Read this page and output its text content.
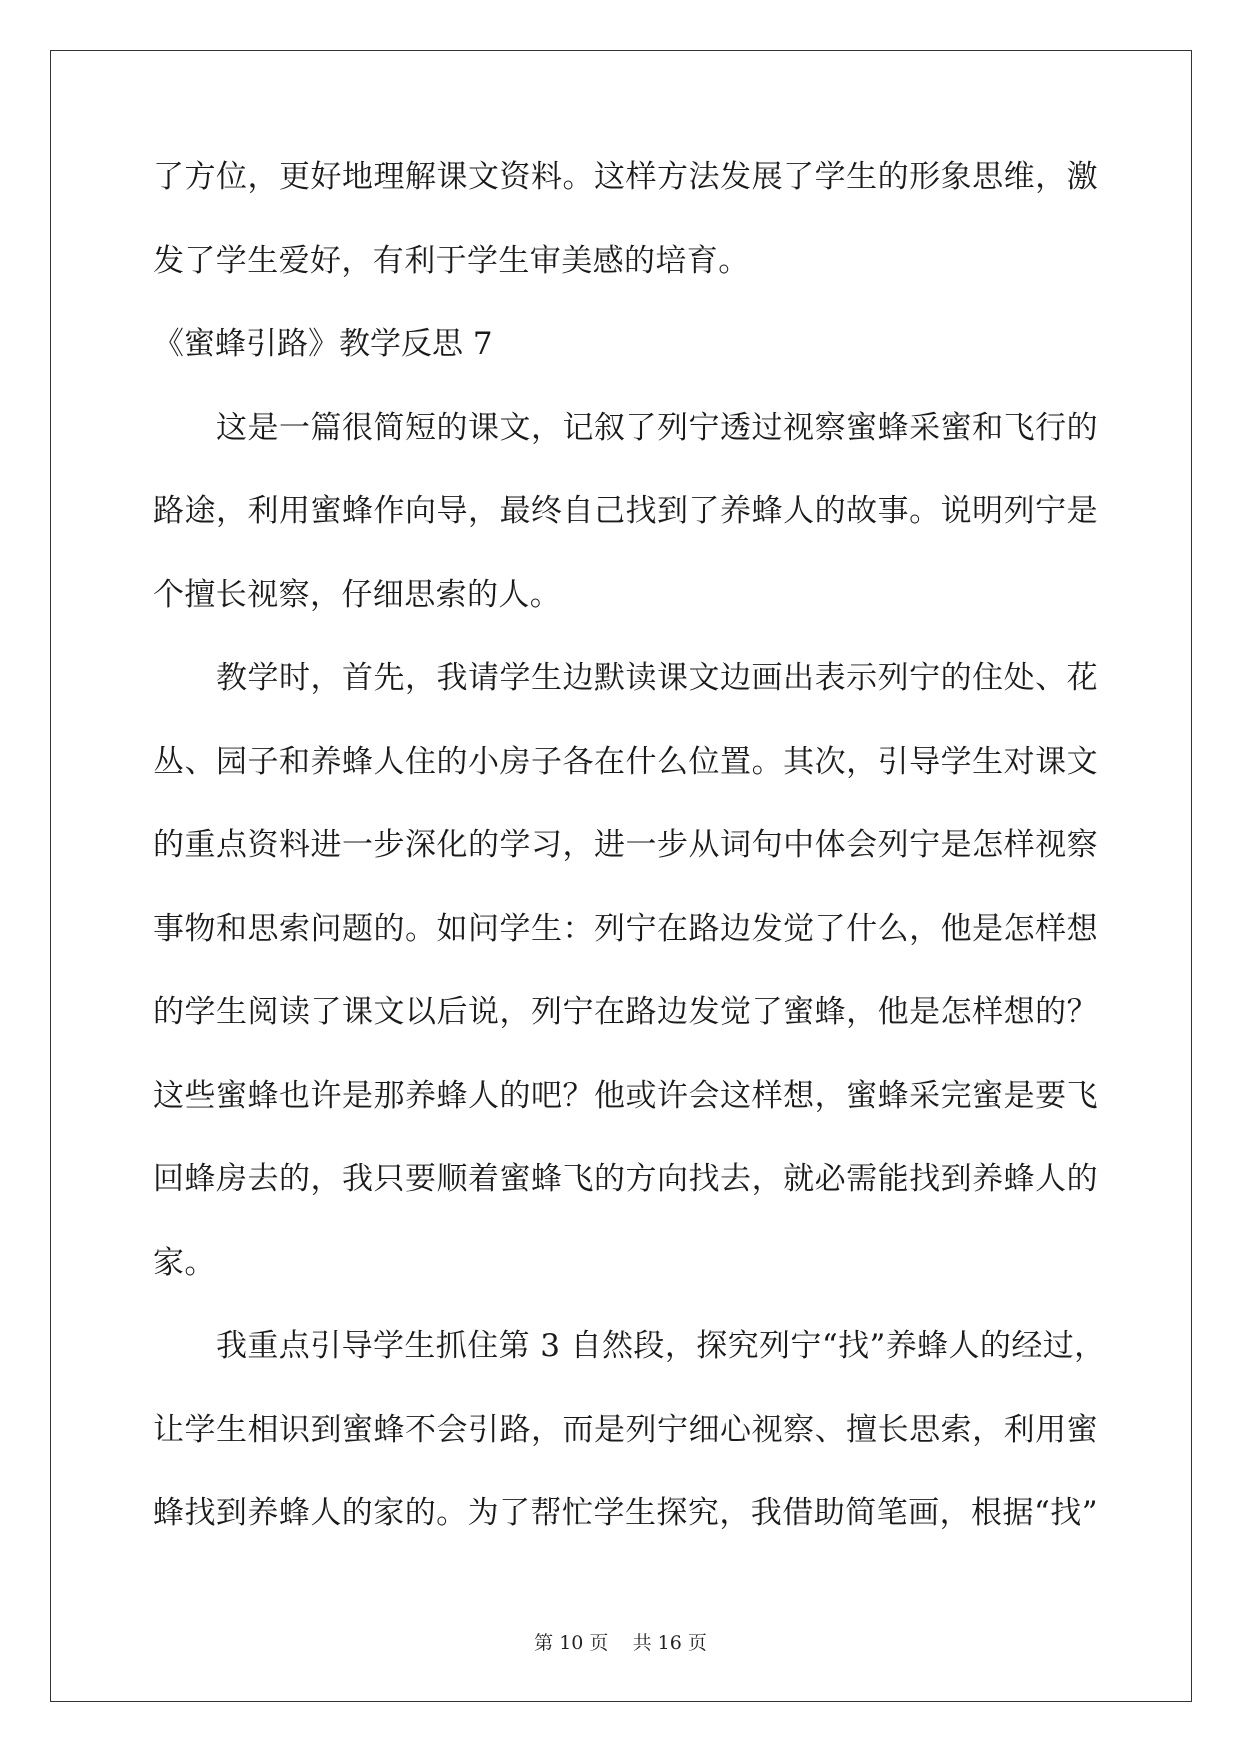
了方位，更好地理解课文资料。这样方法发展了学生的形象思维，激
发了学生爱好，有利于学生审美感的培育。
《蜜蜂引路》教学反思 7
这是一篇很简短的课文，记叙了列宁透过视察蜜蜂采蜜和飞行的
路途，利用蜜蜂作向导，最终自己找到了养蜂人的故事。说明列宁是
个擅长视察，仔细思索的人。
教学时，首先，我请学生边默读课文边画出表示列宁的住处、花
丛、园子和养蜂人住的小房子各在什么位置。其次，引导学生对课文
的重点资料进一步深化的学习，进一步从词句中体会列宁是怎样视察
事物和思索问题的。如问学生：列宁在路边发觉了什么，他是怎样想
的学生阅读了课文以后说，列宁在路边发觉了蜜蜂，他是怎样想的？
这些蜜蜂也许是那养蜂人的吧？他或许会这样想，蜜蜂采完蜜是要飞
回蜂房去的，我只要顺着蜜蜂飞的方向找去，就必需能找到养蜂人的
家。
我重点引导学生抓住第 3 自然段，探究列宁“找”养蜂人的经过，
让学生相识到蜜蜂不会引路，而是列宁细心视察、擅长思索，利用蜜
蜂找到养蜂人的家的。为了帮忙学生探究，我借助简笔画，根据“找”
第 10 页    共 16 页
